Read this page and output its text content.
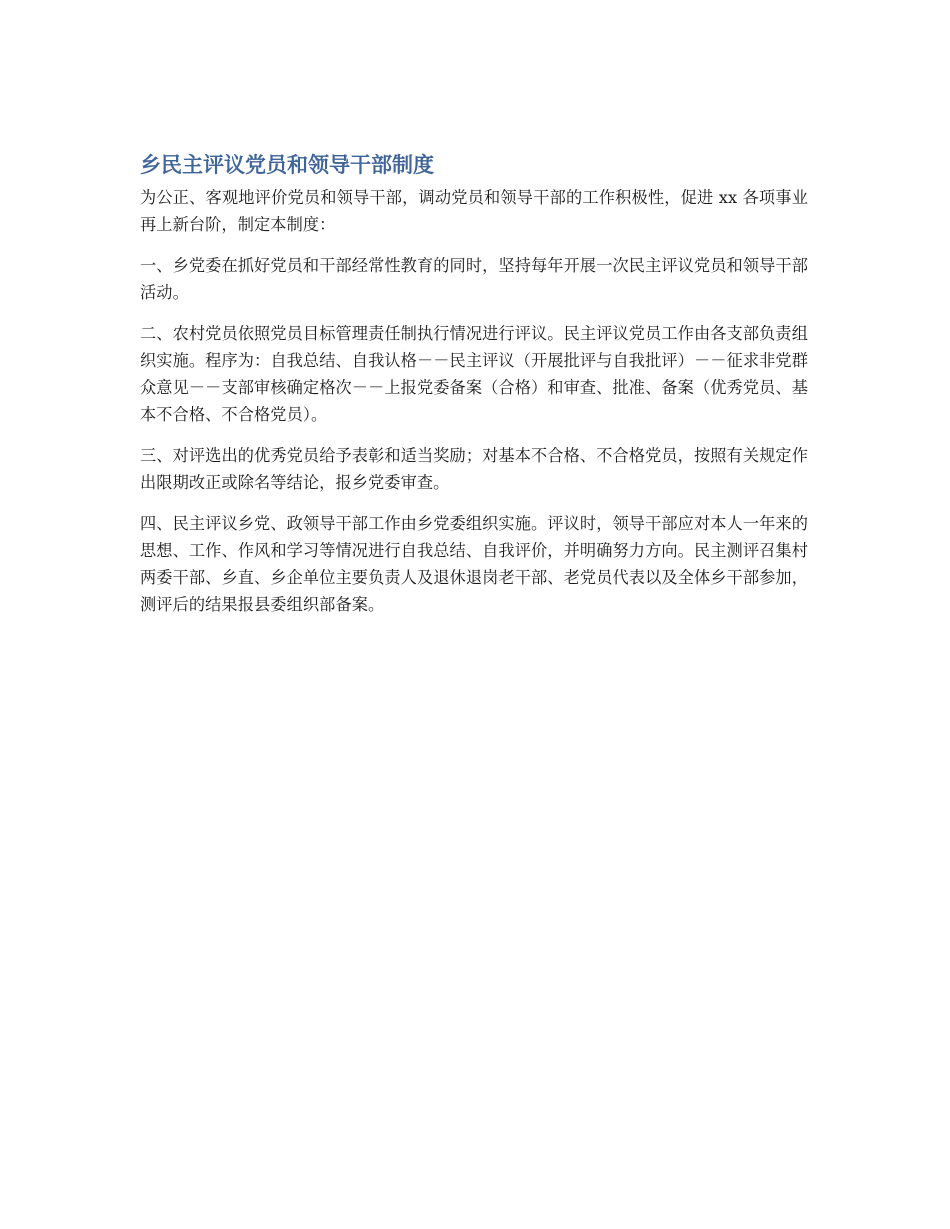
乡民主评议党员和领导干部制度

为公正、客观地评价党员和领导干部，调动党员和领导干部的工作积极性，促进 xx 各项事业再上新台阶，制定本制度：

一、乡党委在抓好党员和干部经常性教育的同时，坚持每年开展一次民主评议党员和领导干部活动。

二、农村党员依照党员目标管理责任制执行情况进行评议。民主评议党员工作由各支部负责组织实施。程序为：自我总结、自我认格－－民主评议（开展批评与自我批评）－－征求非党群众意见－－支部审核确定格次－－上报党委备案（合格）和审查、批准、备案（优秀党员、基本不合格、不合格党员）。

三、对评选出的优秀党员给予表彰和适当奖励；对基本不合格、不合格党员，按照有关规定作出限期改正或除名等结论，报乡党委审查。

四、民主评议乡党、政领导干部工作由乡党委组织实施。评议时，领导干部应对本人一年来的思想、工作、作风和学习等情况进行自我总结、自我评价，并明确努力方向。民主测评召集村两委干部、乡直、乡企单位主要负责人及退休退岗老干部、老党员代表以及全体乡干部参加，测评后的结果报县委组织部备案。
